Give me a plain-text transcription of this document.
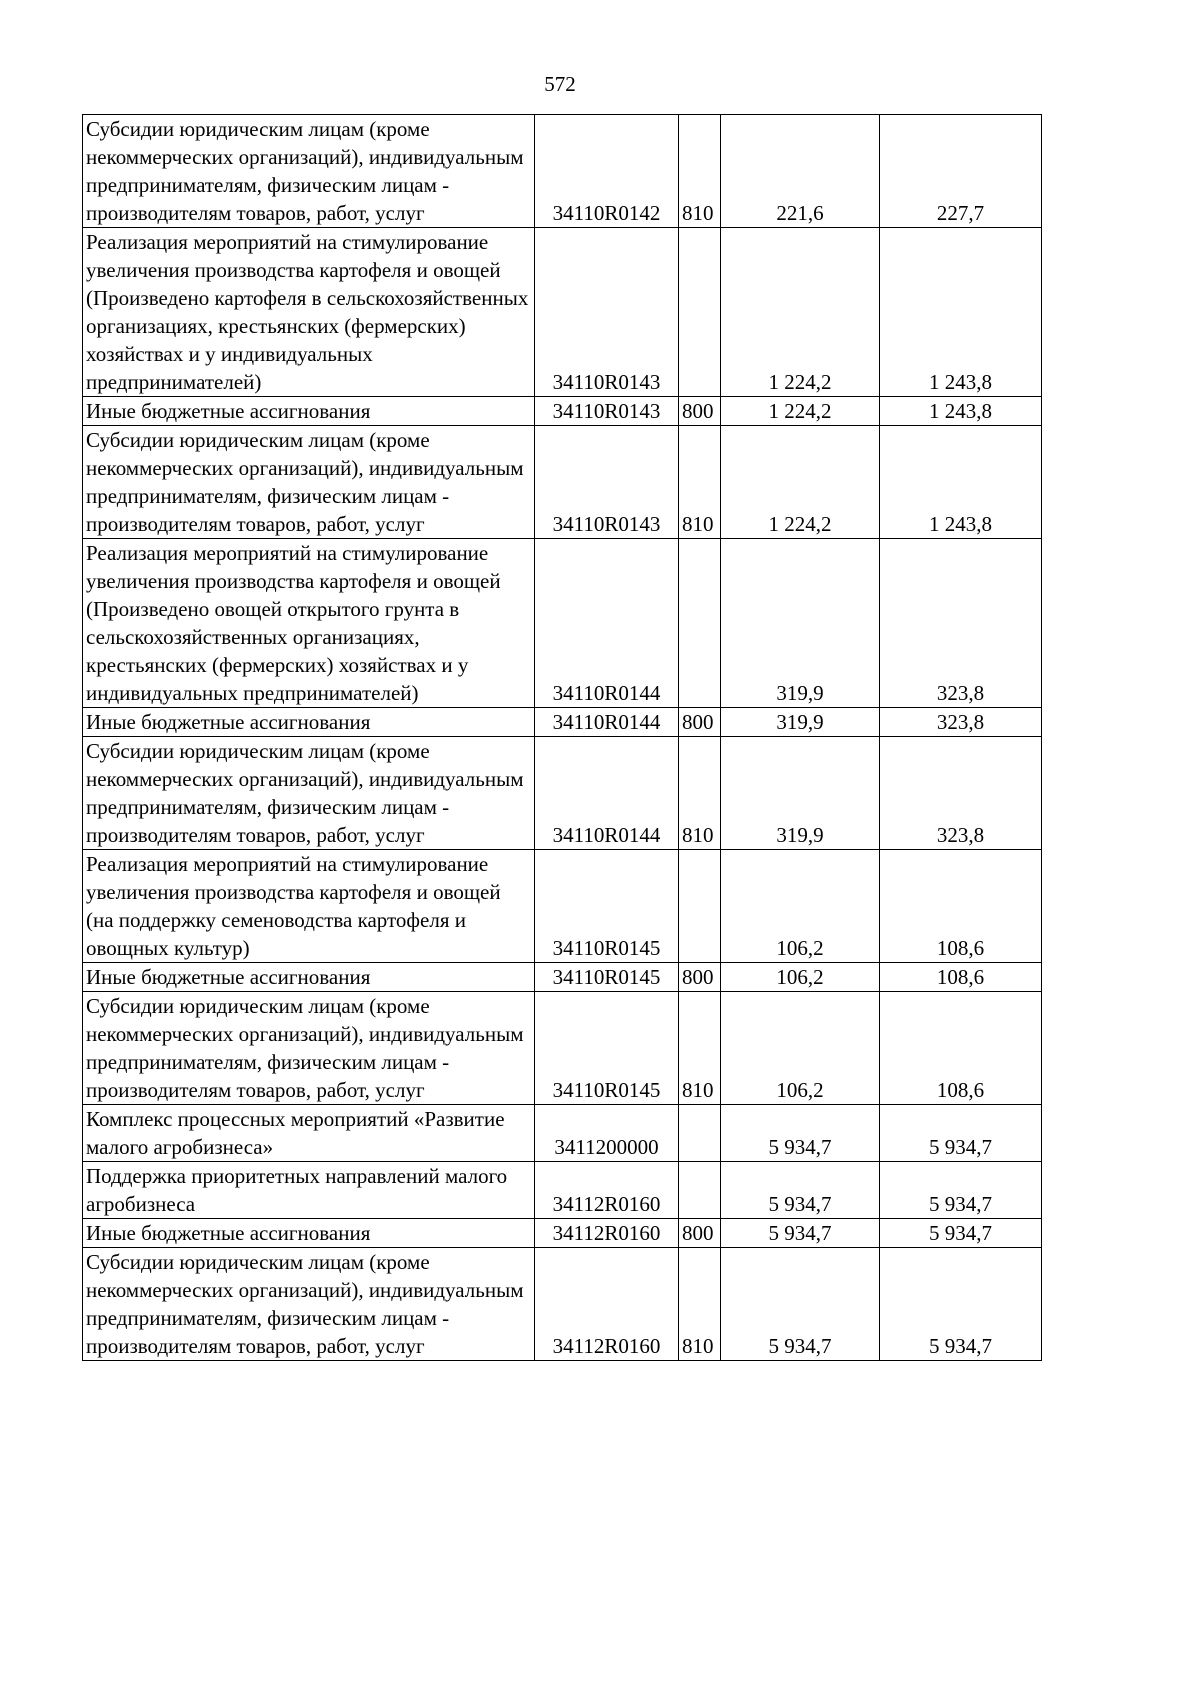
572
Субсидии юридическим лицам (кроме некоммерческих организаций), индивидуальным предпринимателям, физическим лицам - производителям товаров, работ, услуг	34110R0142	810	221,6	227,7
Реализация мероприятий на стимулирование увеличения производства картофеля и овощей (Произведено картофеля в сельскохозяйственных организациях, крестьянских (фермерских) хозяйствах и у индивидуальных предпринимателей)	34110R0143		1 224,2	1 243,8
Иные бюджетные ассигнования	34110R0143	800	1 224,2	1 243,8
Субсидии юридическим лицам (кроме некоммерческих организаций), индивидуальным предпринимателям, физическим лицам - производителям товаров, работ, услуг	34110R0143	810	1 224,2	1 243,8
Реализация мероприятий на стимулирование увеличения производства картофеля и овощей (Произведено овощей открытого грунта в сельскохозяйственных организациях, крестьянских (фермерских) хозяйствах и у индивидуальных предпринимателей)	34110R0144		319,9	323,8
Иные бюджетные ассигнования	34110R0144	800	319,9	323,8
Субсидии юридическим лицам (кроме некоммерческих организаций), индивидуальным предпринимателям, физическим лицам - производителям товаров, работ, услуг	34110R0144	810	319,9	323,8
Реализация мероприятий на стимулирование увеличения производства картофеля и овощей (на поддержку семеноводства картофеля и овощных культур)	34110R0145		106,2	108,6
Иные бюджетные ассигнования	34110R0145	800	106,2	108,6
Субсидии юридическим лицам (кроме некоммерческих организаций), индивидуальным предпринимателям, физическим лицам - производителям товаров, работ, услуг	34110R0145	810	106,2	108,6
Комплекс процессных мероприятий «Развитие малого агробизнеса»	3411200000		5 934,7	5 934,7
Поддержка приоритетных направлений малого агробизнеса	34112R0160		5 934,7	5 934,7
Иные бюджетные ассигнования	34112R0160	800	5 934,7	5 934,7
Субсидии юридическим лицам (кроме некоммерческих организаций), индивидуальным предпринимателям, физическим лицам - производителям товаров, работ, услуг	34112R0160	810	5 934,7	5 934,7
